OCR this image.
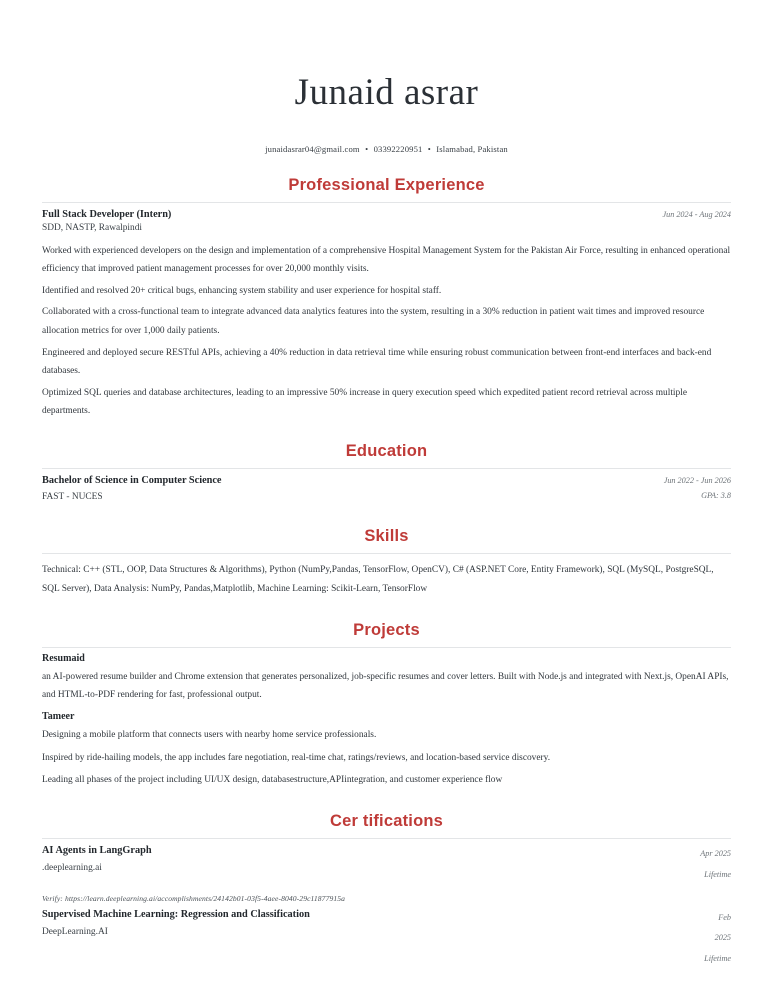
Junaid asrar
junaidasrar04@gmail.com • 03392220951 • Islamabad, Pakistan
Professional Experience
Full Stack Developer (Intern)	Jun 2024 - Aug 2024
SDD, NASTP, Rawalpindi
Worked with experienced developers on the design and implementation of a comprehensive Hospital Management System for the Pakistan Air Force, resulting in enhanced operational efficiency that improved patient management processes for over 20,000 monthly visits.
Identified and resolved 20+ critical bugs, enhancing system stability and user experience for hospital staff.
Collaborated with a cross-functional team to integrate advanced data analytics features into the system, resulting in a 30% reduction in patient wait times and improved resource allocation metrics for over 1,000 daily patients.
Engineered and deployed secure RESTful APIs, achieving a 40% reduction in data retrieval time while ensuring robust communication between front-end interfaces and back-end databases.
Optimized SQL queries and database architectures, leading to an impressive 50% increase in query execution speed which expedited patient record retrieval across multiple departments.
Education
Bachelor of Science in Computer Science	Jun 2022 - Jun 2026
FAST - NUCES	GPA: 3.8
Skills
Technical: C++ (STL, OOP, Data Structures & Algorithms), Python (NumPy,Pandas, TensorFlow, OpenCV), C# (ASP.NET Core, Entity Framework), SQL (MySQL, PostgreSQL, SQL Server), Data Analysis: NumPy, Pandas,Matplotlib, Machine Learning: Scikit-Learn, TensorFlow
Projects
Resumaid
an AI-powered resume builder and Chrome extension that generates personalized, job-specific resumes and cover letters. Built with Node.js and integrated with Next.js, OpenAI APIs, and HTML-to-PDF rendering for fast, professional output.
Tameer
Designing a mobile platform that connects users with nearby home service professionals.
Inspired by ride-hailing models, the app includes fare negotiation, real-time chat, ratings/reviews, and location-based service discovery.
Leading all phases of the project including UI/UX design, databasestructure,APIintegration, and customer experience flow
Cer tifications
AI Agents in LangGraph
.deeplearning.ai
Apr 2025
Lifetime
Verify: https://learn.deeplearning.ai/accomplishments/24142b01-03f5-4aee-8040-29c11877915a
Supervised Machine Learning: Regression and Classification
DeepLearning.AI
Feb
2025
Lifetime
